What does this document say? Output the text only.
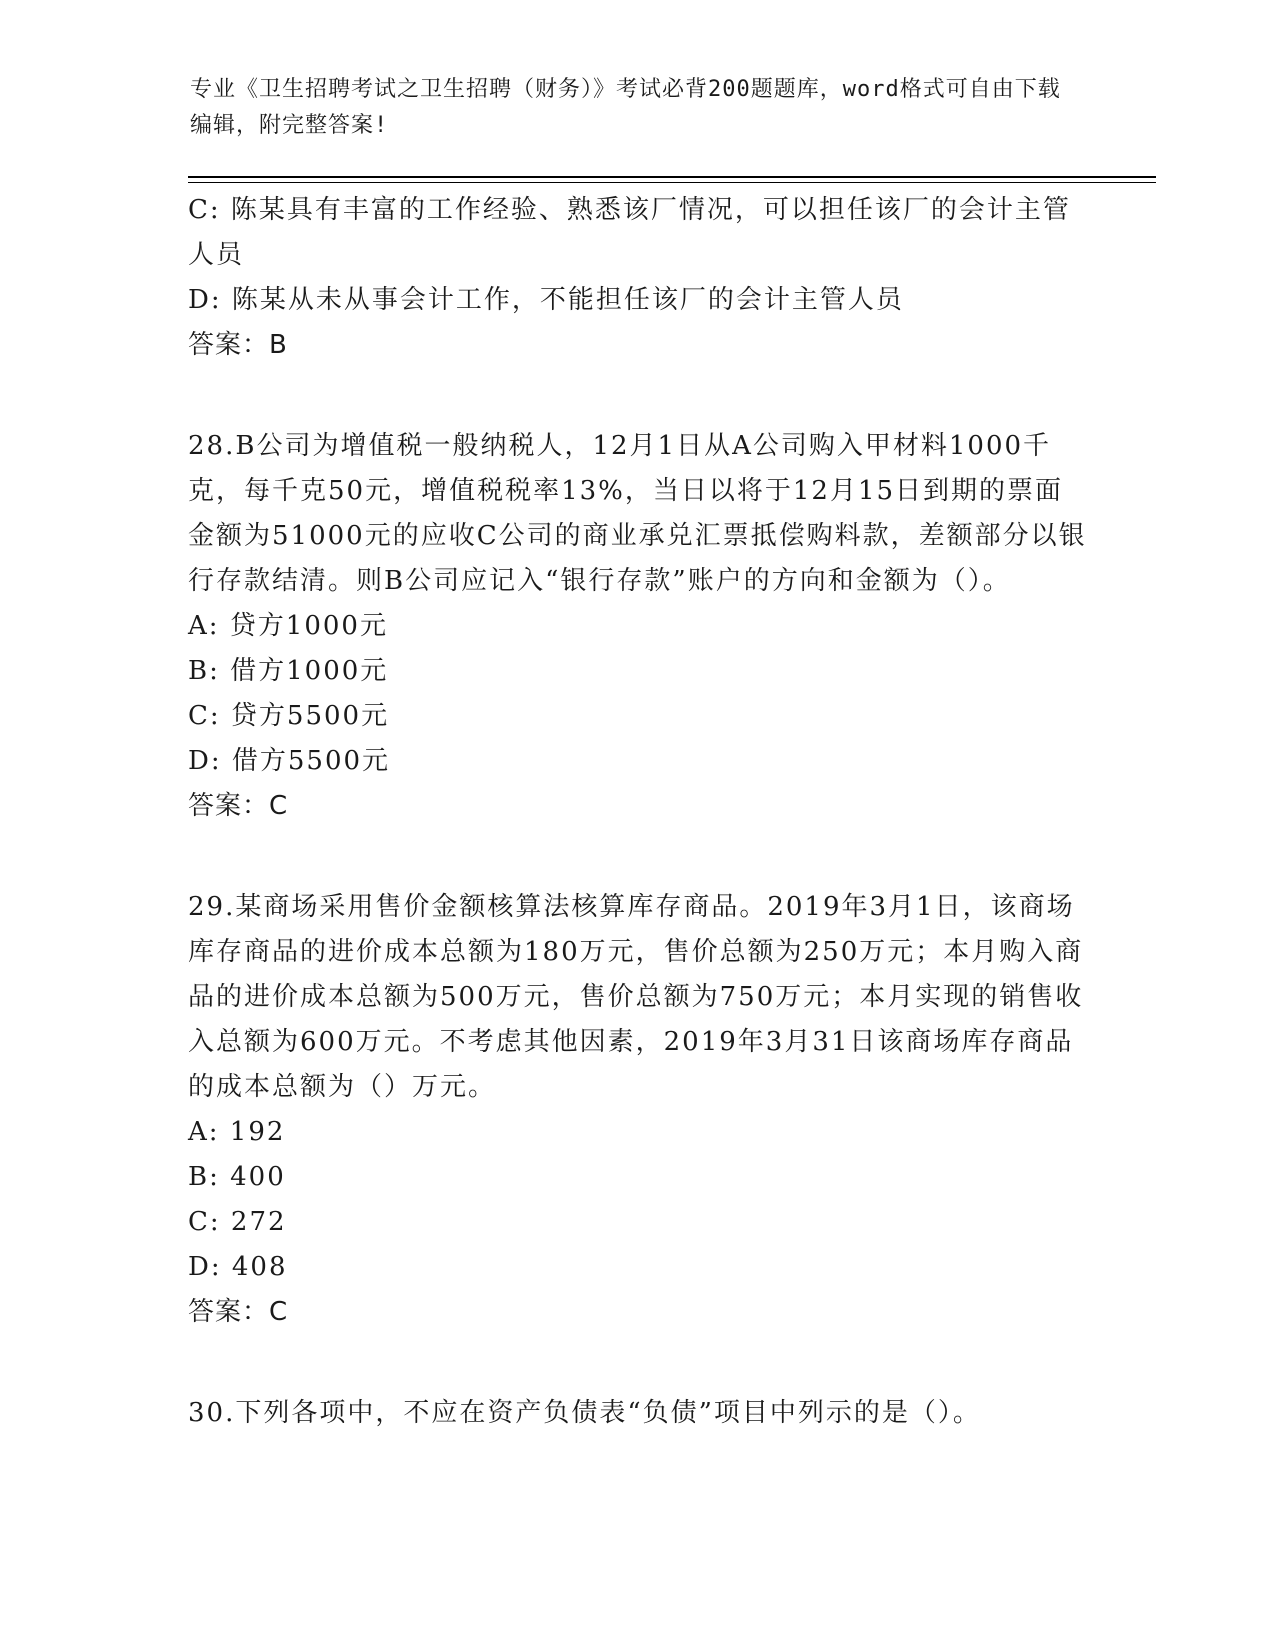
专业《卫生招聘考试之卫生招聘（财务）》考试必背200题题库，word格式可自由下载编辑，附完整答案!

C: 陈某具有丰富的工作经验、熟悉该厂情况，可以担任该厂的会计主管人员

D: 陈某从未从事会计工作，不能担任该厂的会计主管人员

答案：B

28.B公司为增值税一般纳税人，12月1日从A公司购入甲材料1000千克，每千克50元，增值税税率13%，当日以将于12月15日到期的票面金额为51000元的应收C公司的商业承兑汇票抵偿购料款，差额部分以银行存款结清。则B公司应记入“银行存款”账户的方向和金额为（）。

A: 贷方1000元

B: 借方1000元

C: 贷方5500元

D: 借方5500元

答案：C

29.某商场采用售价金额核算法核算库存商品。2019年3月1日，该商场库存商品的进价成本总额为180万元，售价总额为250万元；本月购入商品的进价成本总额为500万元，售价总额为750万元；本月实现的销售收入总额为600万元。不考虑其他因素，2019年3月31日该商场库存商品的成本总额为（）万元。

A: 192

B: 400

C: 272

D: 408

答案：C

30.下列各项中，不应在资产负债表“负债”项目中列示的是（）。
